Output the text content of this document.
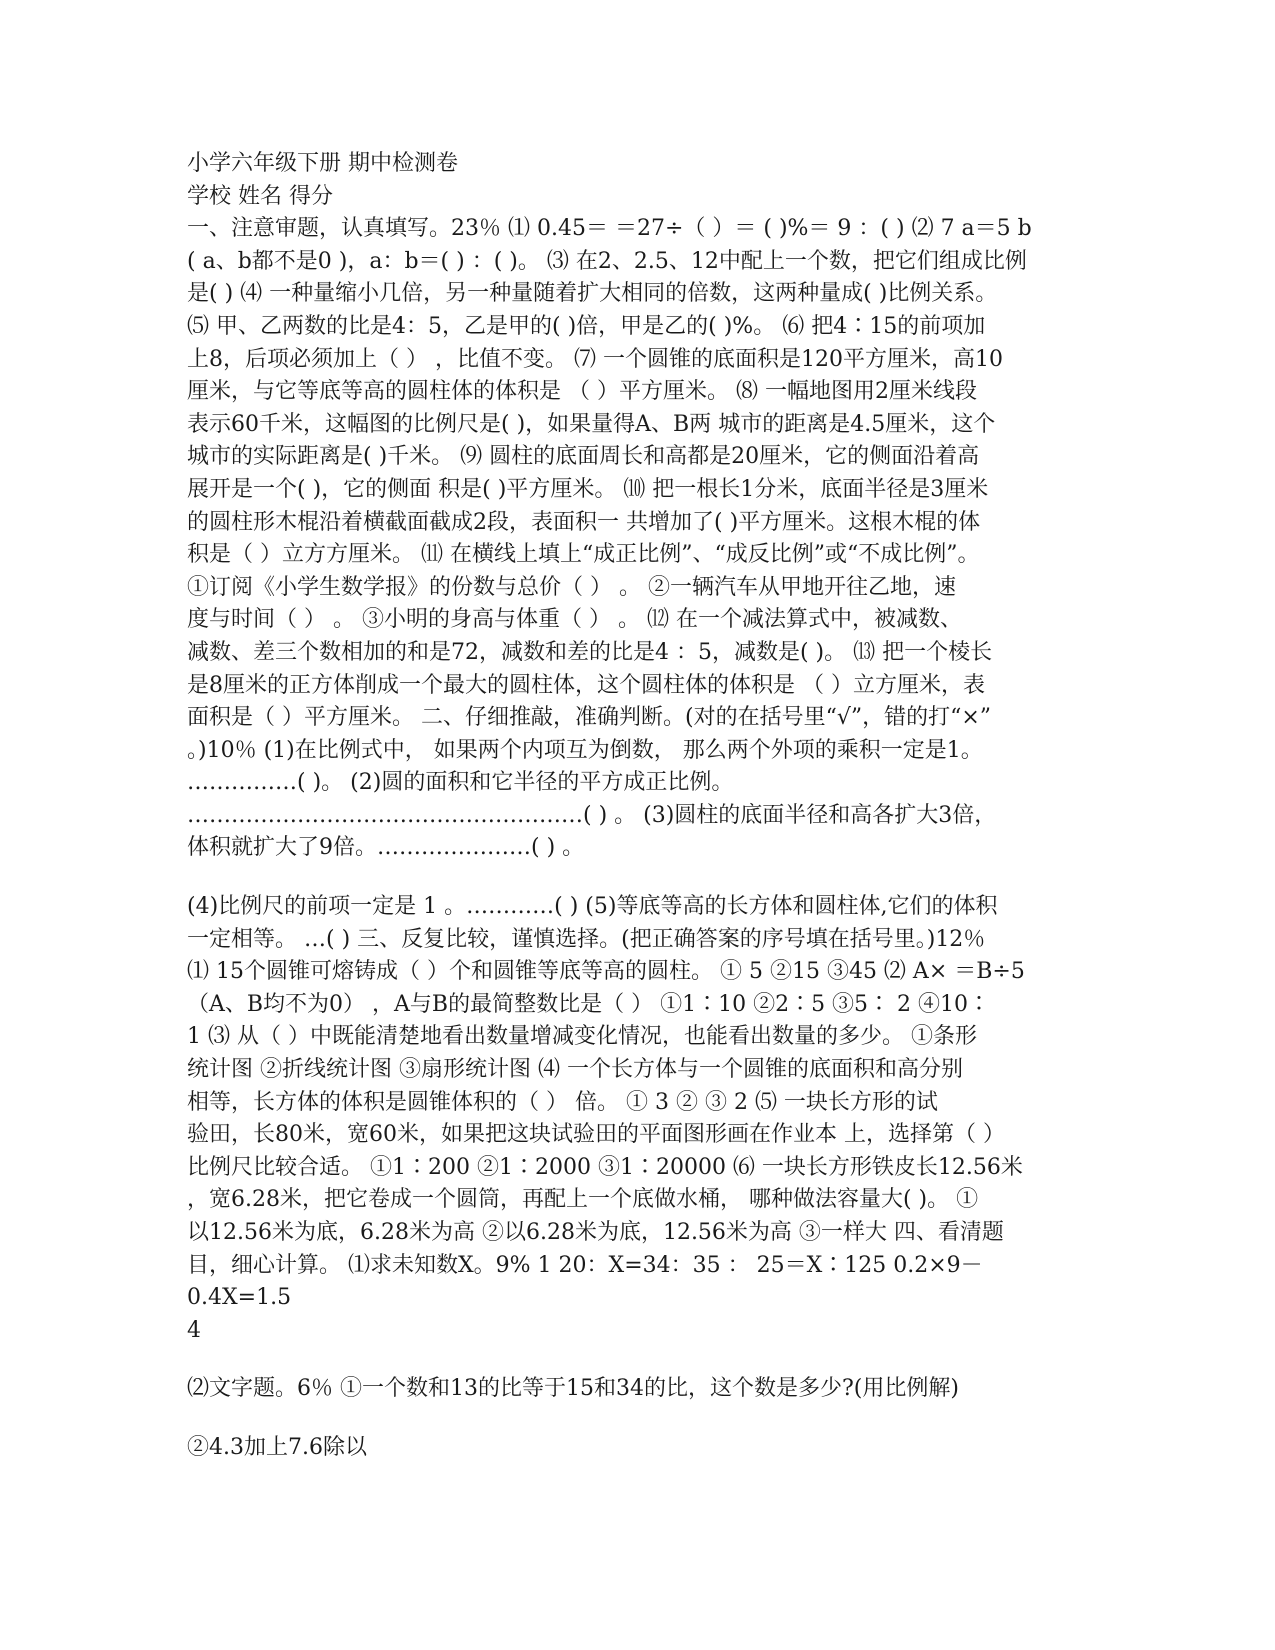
小学六年级下册 期中检测卷
学校 姓名 得分
一、注意审题，认真填写。23％ ⑴ 0.45＝ ＝27÷（ ）＝ ( )%＝ 9 ：( ) ⑵ 7 a＝5 b
( a、b都不是0 )，a：b＝( ) ：( )。 ⑶ 在2、2.5、12中配上一个数，把它们组成比例
是( ) ⑷ 一种量缩小几倍，另一种量随着扩大相同的倍数，这两种量成( )比例关系。
⑸ 甲、乙两数的比是4：5，乙是甲的( )倍，甲是乙的( )%。 ⑹ 把4∶15的前项加
上8，后项必须加上（ ） ，比值不变。 ⑺ 一个圆锥的底面积是120平方厘米，高10
厘米，与它等底等高的圆柱体的体积是 （ ）平方厘米。 ⑻ 一幅地图用2厘米线段
表示60千米，这幅图的比例尺是( )，如果量得A、B两 城市的距离是4.5厘米，这个
城市的实际距离是( )千米。 ⑼ 圆柱的底面周长和高都是20厘米，它的侧面沿着高
展开是一个( )，它的侧面 积是( )平方厘米。 ⑽ 把一根长1分米，底面半径是3厘米
的圆柱形木棍沿着横截面截成2段，表面积一 共增加了( )平方厘米。这根木棍的体
积是（ ）立方方厘米。 ⑾ 在横线上填上“成正比例”、“成反比例”或“不成比例”。
①订阅《小学生数学报》的份数与总价（ ） 。 ②一辆汽车从甲地开往乙地，速
度与时间（ ） 。 ③小明的身高与体重（ ） 。 ⑿ 在一个减法算式中，被减数、
减数、差三个数相加的和是72，减数和差的比是4 ：5，减数是( )。 ⒀ 把一个棱长
是8厘米的正方体削成一个最大的圆柱体，这个圆柱体的体积是 （ ）立方厘米，表
面积是（ ）平方厘米。 二、仔细推敲，准确判断。(对的在括号里“√”，错的打“×”
。)10％ (1)在比例式中， 如果两个内项互为倒数， 那么两个外项的乘积一定是1。
……………( )。 (2)圆的面积和它半径的平方成正比例。
………………………………………………( ) 。 (3)圆柱的底面半径和高各扩大3倍，
体积就扩大了9倍。…………………( ) 。
(4)比例尺的前项一定是 1 。…………( ) (5)等底等高的长方体和圆柱体,它们的体积
一定相等。 …( ) 三、反复比较，谨慎选择。(把正确答案的序号填在括号里。)12％
⑴ 15个圆锥可熔铸成（ ）个和圆锥等底等高的圆柱。 ① 5 ②15 ③45 ⑵ A× ＝B÷5
（A、B均不为0） ，A与B的最简整数比是（ ） ①1∶10 ②2∶5 ③5∶ 2 ④10∶
1 ⑶ 从（ ）中既能清楚地看出数量增减变化情况，也能看出数量的多少。 ①条形
统计图 ②折线统计图 ③扇形统计图 ⑷ 一个长方体与一个圆锥的底面积和高分别
相等，长方体的体积是圆锥体积的（ ） 倍。 ① 3 ② ③ 2 ⑸ 一块长方形的试
验田，长80米，宽60米，如果把这块试验田的平面图形画在作业本 上，选择第（ ）
比例尺比较合适。 ①1∶200 ②1∶2000 ③1∶20000 ⑹ 一块长方形铁皮长12.56米
，宽6.28米，把它卷成一个圆筒，再配上一个底做水桶， 哪种做法容量大( )。 ①
以12.56米为底，6.28米为高 ②以6.28米为底，12.56米为高 ③一样大 四、看清题
目，细心计算。 ⑴求未知数X。9% 1 20：X=34：35 ： 25＝X∶125 0.2×9－
0.4X=1.5
4
⑵文字题。6％ ①一个数和13的比等于15和34的比，这个数是多少?(用比例解)
②4.3加上7.6除以
